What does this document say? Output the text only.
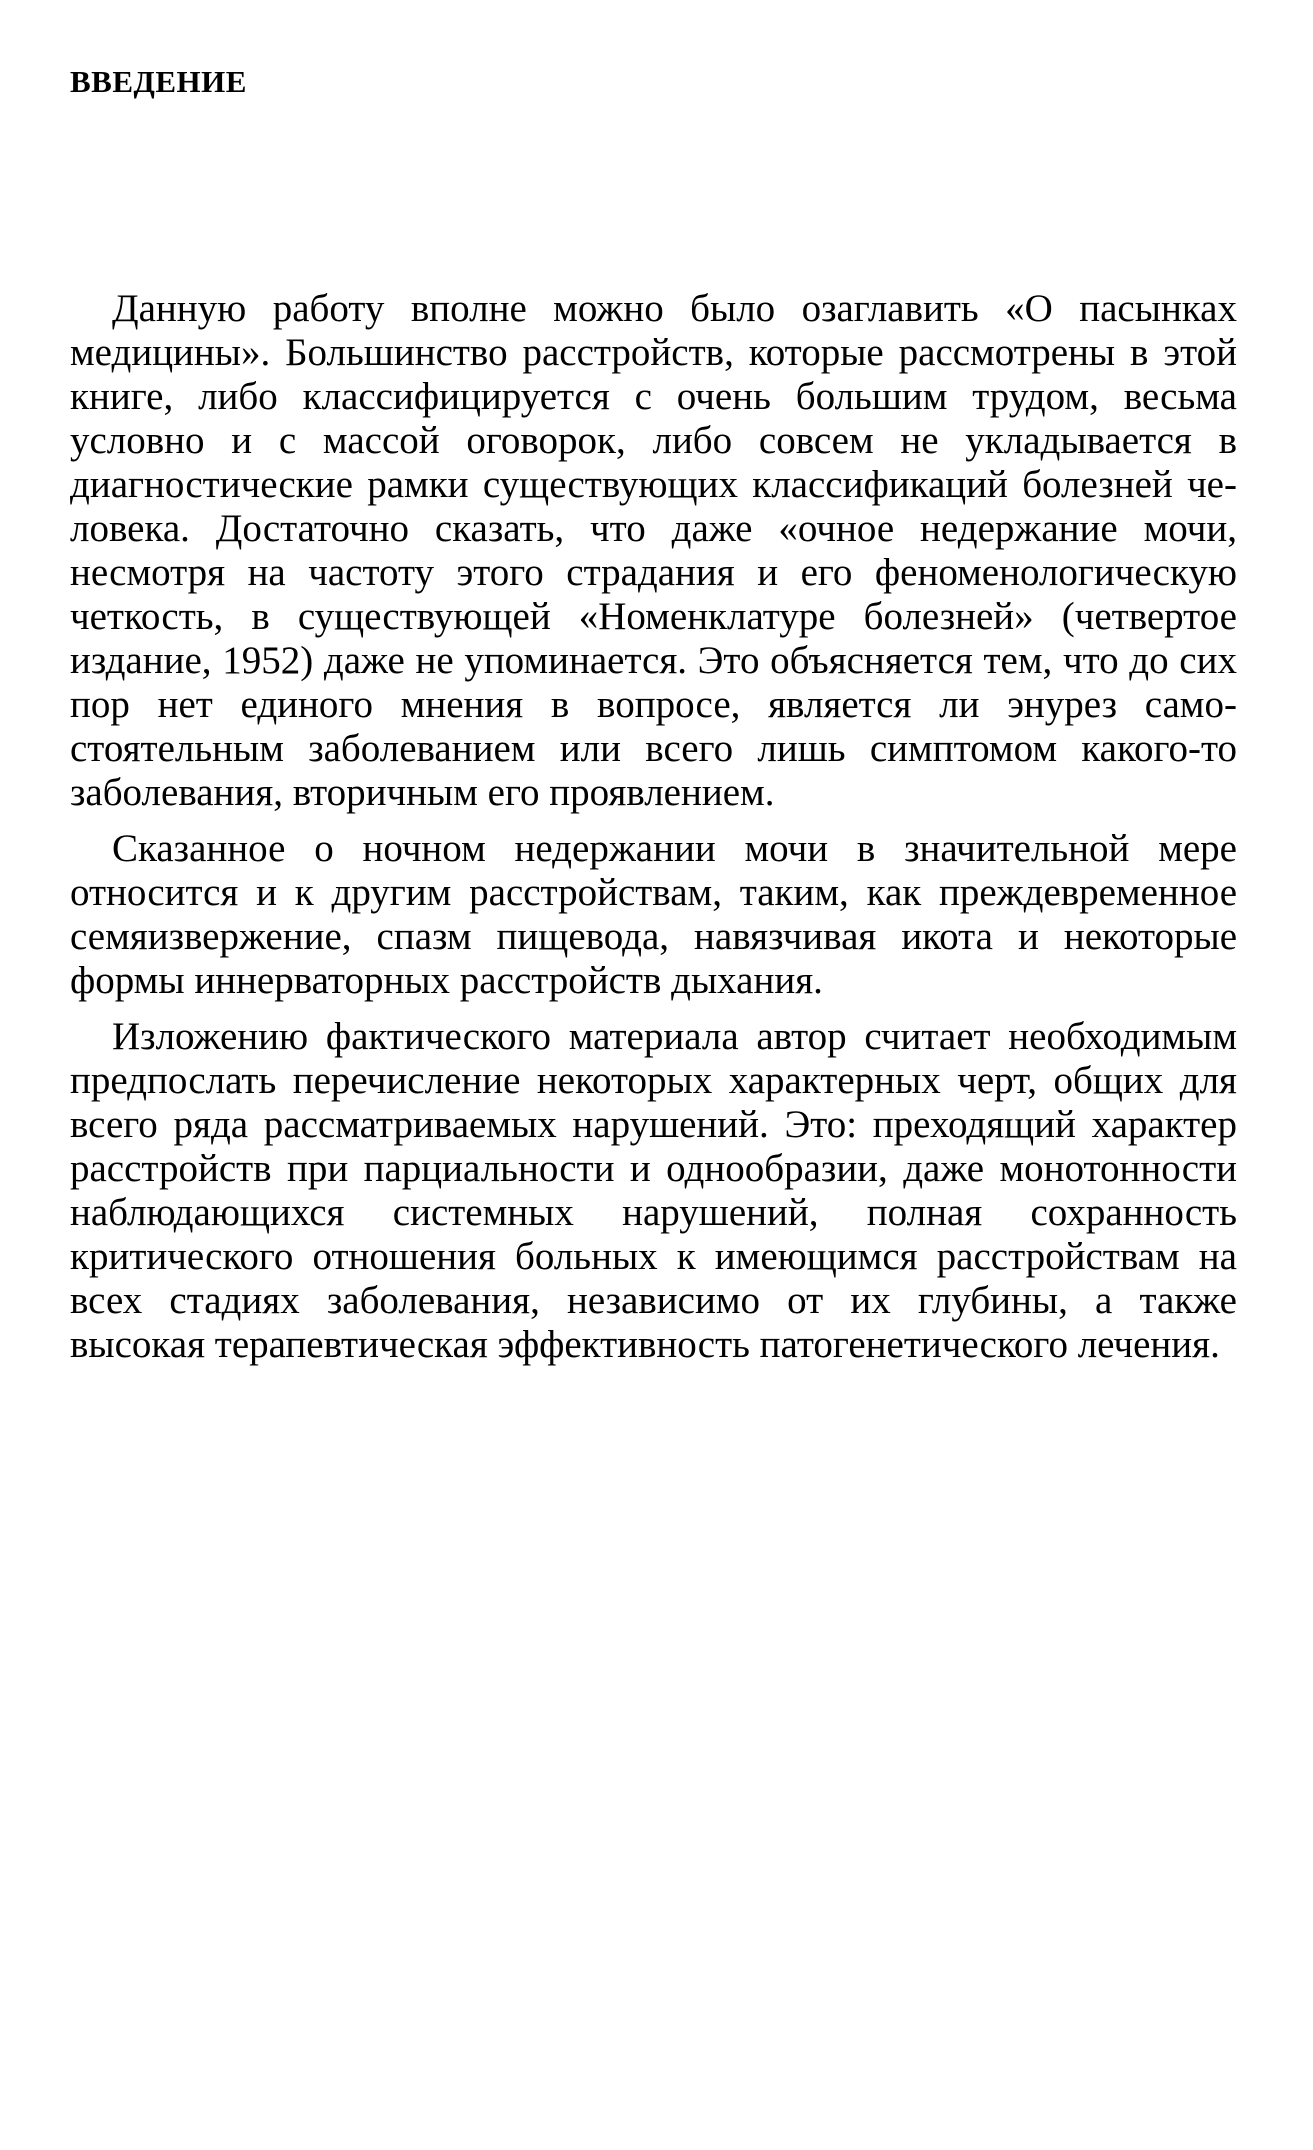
ВВЕДЕНИЕ

Данную работу вполне можно было озаглавить «О пасынках медицины». Большинство расстройств, которые рассмотрены в этой книге, либо классифицируется с очень большим трудом, весьма условно и с массой оговорок, либо совсем не укладывается в диагностические рамки существующих классификаций болезней человека. Достаточно сказать, что даже «очное недержание мочи, несмотря на частоту этого страдания и его феноменологическую четкость, в существующей «Номенклатуре болезней» (четвертое издание, 1952) даже не упоминается. Это объясняется тем, что до сих пор нет единого мнения в вопросе, является ли энурез самостоятельным заболеванием или всего лишь симптомом какого-то заболевания, вторичным его проявлением.

Сказанное о ночном недержании мочи в значительной мере относится и к другим расстройствам, таким, как преждевременное семяизвержение, спазм пищевода, навязчивая икота и некоторые формы иннерваторных расстройств дыхания.

Изложению фактического материала автор считает необходимым предпослать перечисление некоторых характерных черт, общих для всего ряда рассматриваемых нарушений. Это: преходящий характер расстройств при парциальности и однообразии, даже монотонности наблюдающихся системных нарушений, полная сохранность критического отношения больных к имеющимся расстройствам на всех стадиях заболевания, независимо от их глубины, а также высокая терапевтическая эффективность патогенетического лечения.
